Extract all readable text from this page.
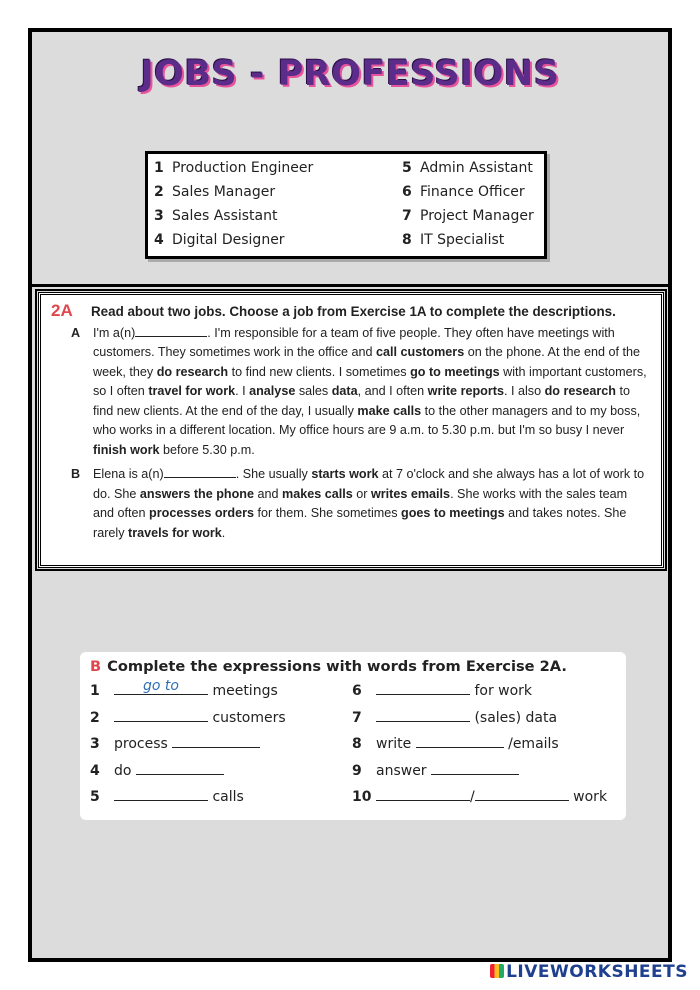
JOBS - PROFESSIONS
1 Production Engineer	5 Admin Assistant
2 Sales Manager	6 Finance Officer
3 Sales Assistant	7 Project Manager
4 Digital Designer	8 IT Specialist
2A	Read about two jobs. Choose a job from Exercise 1A to complete the descriptions.
A	I'm a(n)	. I'm responsible for a team of five people. They often have meetings with customers. They sometimes work in the office and call customers on the phone. At the end of the week, they do research to find new clients. I sometimes go to meetings with important customers, so I often travel for work. I analyse sales data, and I often write reports. I also do research to find new clients. At the end of the day, I usually make calls to the other managers and to my boss, who works in a different location. My office hours are 9 a.m. to 5.30 p.m. but I'm so busy I never finish work before 5.30 p.m.
B	Elena is a(n)	. She usually starts work at 7 o'clock and she always has a lot of work to do. She answers the phone and makes calls or writes emails. She works with the sales team and often processes orders for them. She sometimes goes to meetings and takes notes. She rarely travels for work.
B Complete the expressions with words from Exercise 2A.
1	go to	meetings	6	for work
2	customers	7	(sales) data
3 process	8 write	/emails
4 do	9 answer
5	calls	10	/	work
LIVEWORKSHEETS
